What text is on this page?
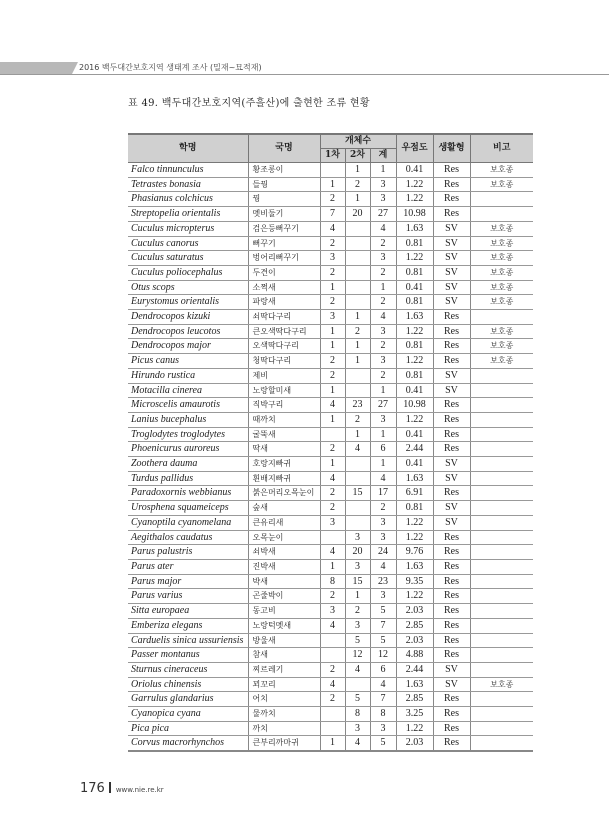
2016 백두대간보호지역 생태계 조사 (밀재~묘적재)
표 49. 백두대간보호지역(주흘산)에 출현한 조류 현황
학명	국명	개체수			우점도	생활형	비고
		1차	2차	계			
Falco tinnunculus	황조롱이		1	1	0.41	Res	보호종
Tetrastes bonasia	들꿩	1	2	3	1.22	Res	보호종
Phasianus colchicus	꿩	2	1	3	1.22	Res	
Streptopelia orientalis	멧비둘기	7	20	27	10.98	Res	
Cuculus micropterus	검은등뻐꾸기	4		4	1.63	SV	보호종
Cuculus canorus	뻐꾸기	2		2	0.81	SV	보호종
Cuculus saturatus	벙어리뻐꾸기	3		3	1.22	SV	보호종
Cuculus poliocephalus	두견이	2		2	0.81	SV	보호종
Otus scops	소쩍새	1		1	0.41	SV	보호종
Eurystomus orientalis	파랑새	2		2	0.81	SV	보호종
Dendrocopos kizuki	쇠딱다구리	3	1	4	1.63	Res	
Dendrocopos leucotos	큰오색딱다구리	1	2	3	1.22	Res	보호종
Dendrocopos major	오색딱다구리	1	1	2	0.81	Res	보호종
Picus canus	청딱다구리	2	1	3	1.22	Res	보호종
Hirundo rustica	제비	2		2	0.81	SV	
Motacilla cinerea	노랑할미새	1		1	0.41	SV	
Microscelis amaurotis	직박구리	4	23	27	10.98	Res	
Lanius bucephalus	때까치	1	2	3	1.22	Res	
Troglodytes troglodytes	굴뚝새		1	1	0.41	Res	
Phoenicurus auroreus	딱새	2	4	6	2.44	Res	
Zoothera dauma	호랑지빠귀	1		1	0.41	SV	
Turdus pallidus	흰배지빠귀	4		4	1.63	SV	
Paradoxornis webbianus	붉은머리오목눈이	2	15	17	6.91	Res	
Urosphena squameiceps	숲새	2		2	0.81	SV	
Cyanoptila cyanomelana	큰유리새	3		3	1.22	SV	
Aegithalos caudatus	오목눈이		3	3	1.22	Res	
Parus palustris	쇠박새	4	20	24	9.76	Res	
Parus ater	진박새	1	3	4	1.63	Res	
Parus major	박새	8	15	23	9.35	Res	
Parus varius	곤줄박이	2	1	3	1.22	Res	
Sitta europaea	동고비	3	2	5	2.03	Res	
Emberiza elegans	노랑턱멧새	4	3	7	2.85	Res	
Carduelis sinica ussuriensis	방울새		5	5	2.03	Res	
Passer montanus	참새		12	12	4.88	Res	
Sturnus cineraceus	찌르레기	2	4	6	2.44	SV	
Oriolus chinensis	꾀꼬리	4		4	1.63	SV	보호종
Garrulus glandarius	어치	2	5	7	2.85	Res	
Cyanopica cyana	물까치		8	8	3.25	Res	
Pica pica	까치		3	3	1.22	Res	
Corvus macrorhynchos	큰부리까마귀	1	4	5	2.03	Res	
176 www.nie.re.kr
